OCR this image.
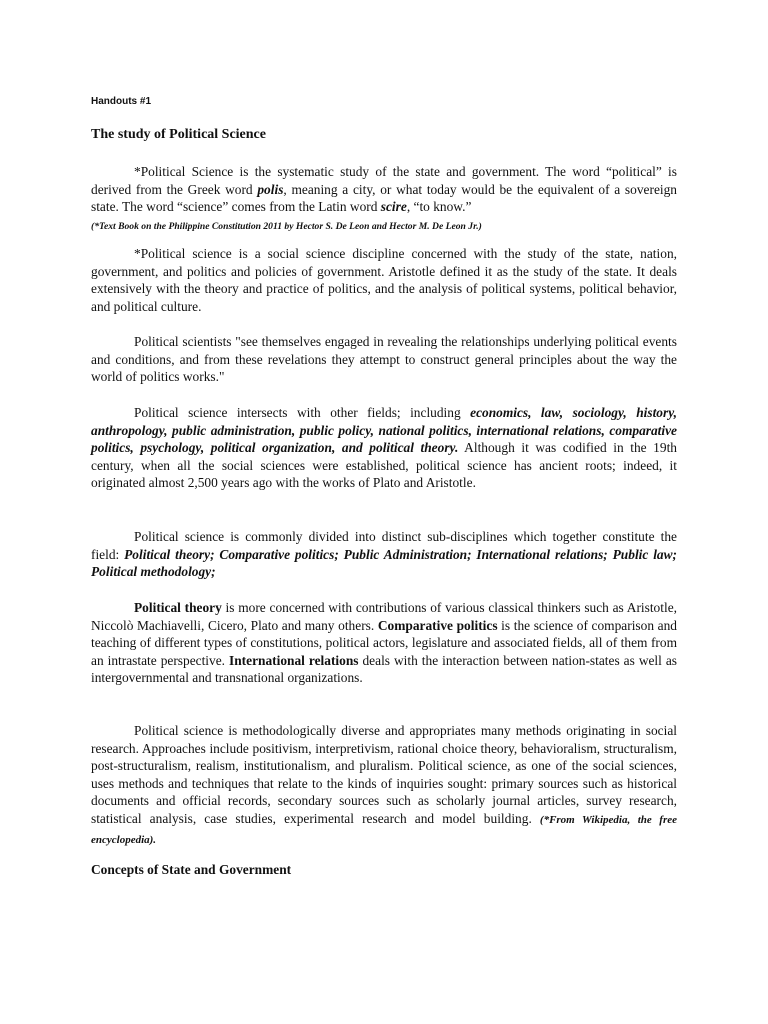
Handouts #1

The study of Political Science

*Political Science is the systematic study of the state and government. The word “political” is derived from the Greek word polis, meaning a city, or what today would be the equivalent of a sovereign state. The word “science” comes from the Latin word scire, “to know.”
(*Text Book on the Philippine Constitution 2011 by Hector S. De Leon and Hector M. De Leon Jr.)

*Political science is a social science discipline concerned with the study of the state, nation, government, and politics and policies of government. Aristotle defined it as the study of the state. It deals extensively with the theory and practice of politics, and the analysis of political systems, political behavior, and political culture.

Political scientists "see themselves engaged in revealing the relationships underlying political events and conditions, and from these revelations they attempt to construct general principles about the way the world of politics works."

Political science intersects with other fields; including economics, law, sociology, history, anthropology, public administration, public policy, national politics, international relations, comparative politics, psychology, political organization, and political theory. Although it was codified in the 19th century, when all the social sciences were established, political science has ancient roots; indeed, it originated almost 2,500 years ago with the works of Plato and Aristotle.

Political science is commonly divided into distinct sub-disciplines which together constitute the field: Political theory; Comparative politics; Public Administration; International relations; Public law; Political methodology;

Political theory is more concerned with contributions of various classical thinkers such as Aristotle, Niccolò Machiavelli, Cicero, Plato and many others. Comparative politics is the science of comparison and teaching of different types of constitutions, political actors, legislature and associated fields, all of them from an intrastate perspective. International relations deals with the interaction between nation-states as well as intergovernmental and transnational organizations.

Political science is methodologically diverse and appropriates many methods originating in social research. Approaches include positivism, interpretivism, rational choice theory, behavioralism, structuralism, post-structuralism, realism, institutionalism, and pluralism. Political science, as one of the social sciences, uses methods and techniques that relate to the kinds of inquiries sought: primary sources such as historical documents and official records, secondary sources such as scholarly journal articles, survey research, statistical analysis, case studies, experimental research and model building. (*From Wikipedia, the free encyclopedia).

Concepts of State and Government
